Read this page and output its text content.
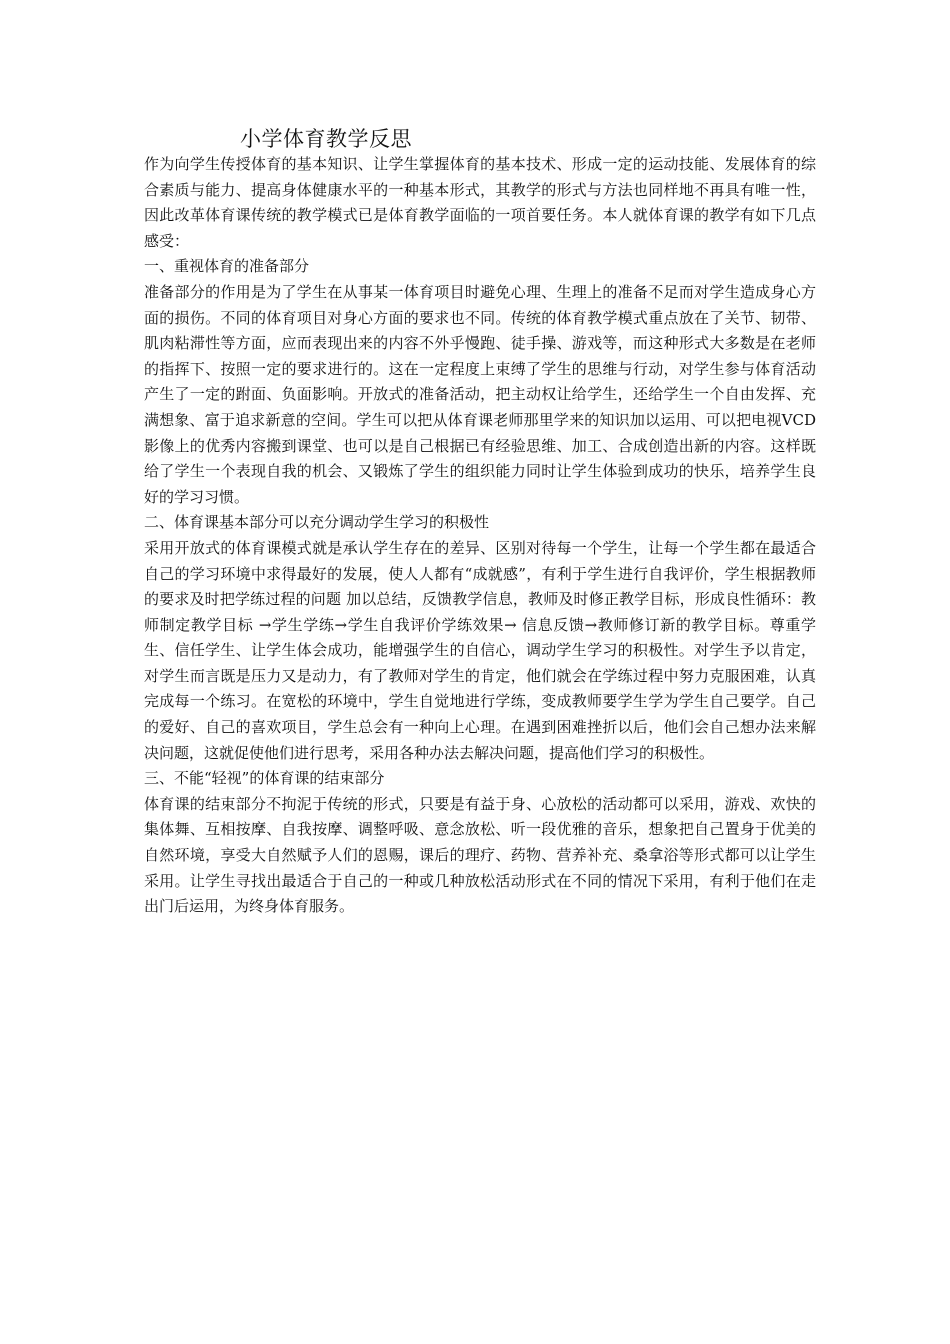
小学体育教学反思

作为向学生传授体育的基本知识、让学生掌握体育的基本技术、形成一定的运动技能、发展体育的综合素质与能力、提高身体健康水平的一种基本形式，其教学的形式与方法也同样地不再具有唯一性，因此改革体育课传统的教学模式已是体育教学面临的一项首要任务。本人就体育课的教学有如下几点感受：

一、重视体育的准备部分

准备部分的作用是为了学生在从事某一体育项目时避免心理、生理上的准备不足而对学生造成身心方面的损伤。不同的体育项目对身心方面的要求也不同。传统的体育教学模式重点放在了关节、韧带、肌肉粘滞性等方面，应而表现出来的内容不外乎慢跑、徒手操、游戏等，而这种形式大多数是在老师的指挥下、按照一定的要求进行的。这在一定程度上束缚了学生的思维与行动，对学生参与体育活动产生了一定的跗面、负面影响。开放式的准备活动，把主动权让给学生，还给学生一个自由发挥、充满想象、富于追求新意的空间。学生可以把从体育课老师那里学来的知识加以运用、可以把电视VCD影像上的优秀内容搬到课堂、也可以是自己根据已有经验思维、加工、合成创造出新的内容。这样既给了学生一个表现自我的机会、又锻炼了学生的组织能力同时让学生体验到成功的快乐，培养学生良好的学习习惯。

二、体育课基本部分可以充分调动学生学习的积极性

采用开放式的体育课模式就是承认学生存在的差异、区别对待每一个学生，让每一个学生都在最适合自己的学习环境中求得最好的发展，使人人都有“成就感”，有利于学生进行自我评价，学生根据教师的要求及时把学练过程的问题 加以总结，反馈教学信息，教师及时修正教学目标，形成良性循环：教师制定教学目标 →学生学练→学生自我评价学练效果→ 信息反馈→教师修订新的教学目标。尊重学生、信任学生、让学生体会成功，能增强学生的自信心，调动学生学习的积极性。对学生予以肯定，对学生而言既是压力又是动力，有了教师对学生的肯定，他们就会在学练过程中努力克服困难，认真完成每一个练习。在宽松的环境中，学生自觉地进行学练，变成教师要学生学为学生自己要学。自己的爱好、自己的喜欢项目，学生总会有一种向上心理。在遇到困难挫折以后，他们会自己想办法来解决问题，这就促使他们进行思考，采用各种办法去解决问题，提高他们学习的积极性。

三、不能“轻视”的体育课的结束部分

体育课的结束部分不拘泥于传统的形式，只要是有益于身、心放松的活动都可以采用，游戏、欢快的集体舞、互相按摩、自我按摩、调整呼吸、意念放松、听一段优雅的音乐，想象把自己置身于优美的自然环境，享受大自然赋予人们的恩赐，课后的理疗、药物、营养补充、桑拿浴等形式都可以让学生采用。让学生寻找出最适合于自己的一种或几种放松活动形式在不同的情况下采用，有利于他们在走出门后运用，为终身体育服务。
